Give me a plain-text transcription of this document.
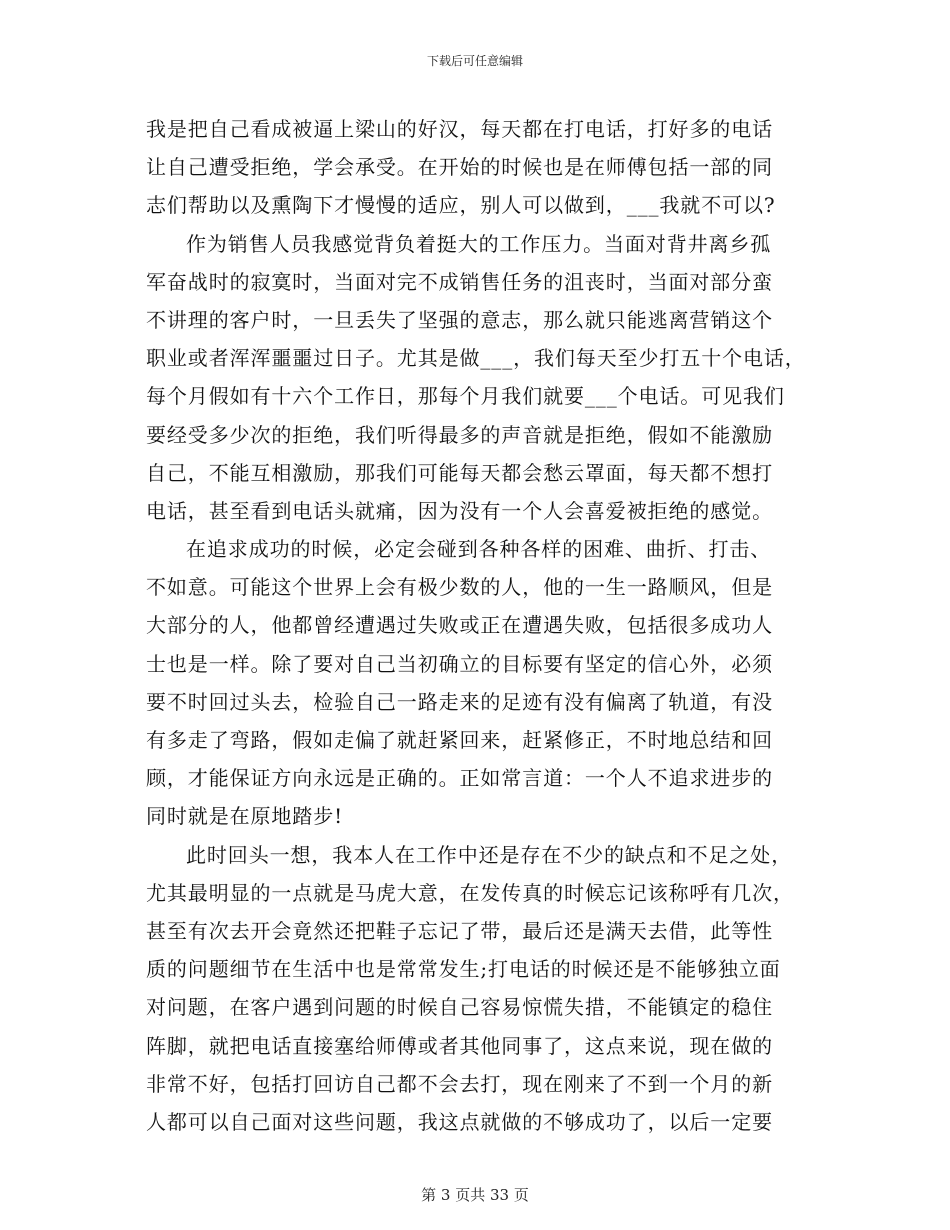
下载后可任意编辑
我是把自己看成被逼上梁山的好汉，每天都在打电话，打好多的电话
让自己遭受拒绝，学会承受。在开始的时候也是在师傅包括一部的同
志们帮助以及熏陶下才慢慢的适应，别人可以做到，___我就不可以?
作为销售人员我感觉背负着挺大的工作压力。当面对背井离乡孤
军奋战时的寂寞时，当面对完不成销售任务的沮丧时，当面对部分蛮
不讲理的客户时，一旦丢失了坚强的意志，那么就只能逃离营销这个
职业或者浑浑噩噩过日子。尤其是做___，我们每天至少打五十个电话，
每个月假如有十六个工作日，那每个月我们就要___个电话。可见我们
要经受多少次的拒绝，我们听得最多的声音就是拒绝，假如不能激励
自己，不能互相激励，那我们可能每天都会愁云罩面，每天都不想打
电话，甚至看到电话头就痛，因为没有一个人会喜爱被拒绝的感觉。
在追求成功的时候，必定会碰到各种各样的困难、曲折、打击、
不如意。可能这个世界上会有极少数的人，他的一生一路顺风，但是
大部分的人，他都曾经遭遇过失败或正在遭遇失败，包括很多成功人
士也是一样。除了要对自己当初确立的目标要有坚定的信心外，必须
要不时回过头去，检验自己一路走来的足迹有没有偏离了轨道，有没
有多走了弯路，假如走偏了就赶紧回来，赶紧修正，不时地总结和回
顾，才能保证方向永远是正确的。正如常言道：一个人不追求进步的
同时就是在原地踏步!
此时回头一想，我本人在工作中还是存在不少的缺点和不足之处，
尤其最明显的一点就是马虎大意，在发传真的时候忘记该称呼有几次，
甚至有次去开会竟然还把鞋子忘记了带，最后还是满天去借，此等性
质的问题细节在生活中也是常常发生;打电话的时候还是不能够独立面
对问题，在客户遇到问题的时候自己容易惊慌失措，不能镇定的稳住
阵脚，就把电话直接塞给师傅或者其他同事了，这点来说，现在做的
非常不好，包括打回访自己都不会去打，现在刚来了不到一个月的新
人都可以自己面对这些问题，我这点就做的不够成功了，以后一定要
第 3 页共 33 页
